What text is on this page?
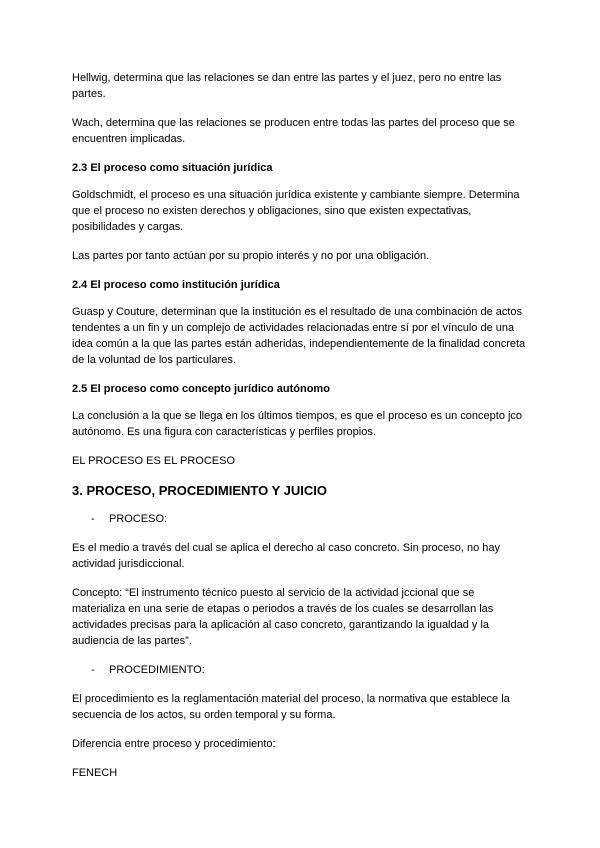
Hellwig, determina que las relaciones se dan entre las partes y el juez, pero no entre las partes.

Wach, determina que las relaciones se producen entre todas las partes del proceso que se encuentren implicadas.

2.3 El proceso como situación jurídica

Goldschmidt, el proceso es una situación jurídica existente y cambiante siempre. Determina que el proceso no existen derechos y obligaciones, sino que existen expectativas, posibilidades y cargas.

Las partes por tanto actúan por su propio interés y no por una obligación.

2.4 El proceso como institución jurídica

Guasp y Couture, determinan que la institución es el resultado de una combinación de actos tendentes a un fin y un complejo de actividades relacionadas entre sí por el vínculo de una idea común a la que las partes están adheridas, independientemente de la finalidad concreta de la voluntad de los particulares.

2.5 El proceso como concepto jurídico autónomo

La conclusión a la que se llega en los últimos tiempos, es que el proceso es un concepto jco autónomo. Es una figura con características y perfiles propios.

EL PROCESO ES EL PROCESO

3. PROCESO, PROCEDIMIENTO Y JUICIO
-	PROCESO:

Es el medio a través del cual se aplica el derecho al caso concreto. Sin proceso, no hay actividad jurisdiccional.

Concepto: “El instrumento técnico puesto al servicio de la actividad jccional que se materializa en una serie de etapas o periodos a través de los cuales se desarrollan las actividades precisas para la aplicación al caso concreto, garantizando la igualdad y la audiencia de las partes”.

-	PROCEDIMIENTO:

El procedimiento es la reglamentación material del proceso, la normativa que establece la secuencia de los actos, su orden temporal y su forma.

Diferencia entre proceso y procedimiento:

FENECH
